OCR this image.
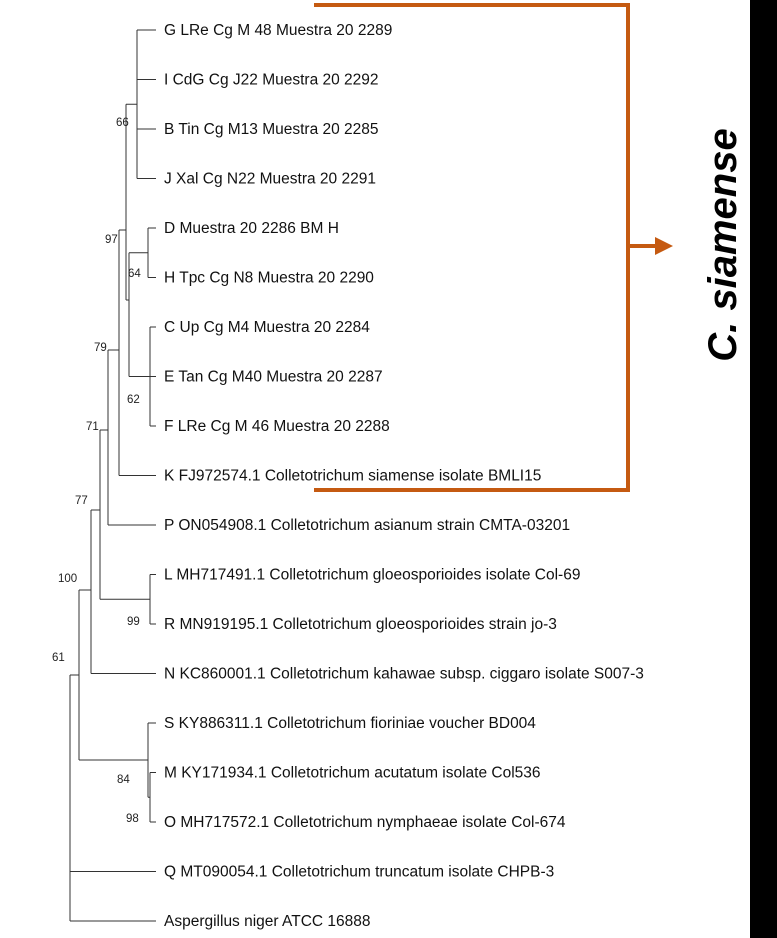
G LRe Cg M 48 Muestra 20 2289
I CdG Cg J22 Muestra 20 2292
B Tin Cg M13 Muestra 20 2285
J Xal Cg N22 Muestra 20 2291
D Muestra 20 2286 BM H
H Tpc Cg N8 Muestra 20 2290
C Up Cg M4 Muestra 20 2284
E Tan Cg M40 Muestra 20 2287
F LRe Cg M 46 Muestra 20 2288
K FJ972574.1 Colletotrichum siamense isolate BMLI15
P ON054908.1 Colletotrichum asianum strain CMTA-03201
L MH717491.1 Colletotrichum gloeosporioides isolate Col-69
R MN919195.1 Colletotrichum gloeosporioides strain jo-3
N KC860001.1 Colletotrichum kahawae subsp. ciggaro isolate S007-3
S KY886311.1 Colletotrichum fioriniae voucher BD004
M KY171934.1 Colletotrichum acutatum isolate Col536
O MH717572.1 Colletotrichum nymphaeae isolate Col-674
Q MT090054.1 Colletotrichum truncatum isolate CHPB-3
Aspergillus niger ATCC 16888
66
97
64
62
79
71
77
100
99
61
84
98
C. siamense
